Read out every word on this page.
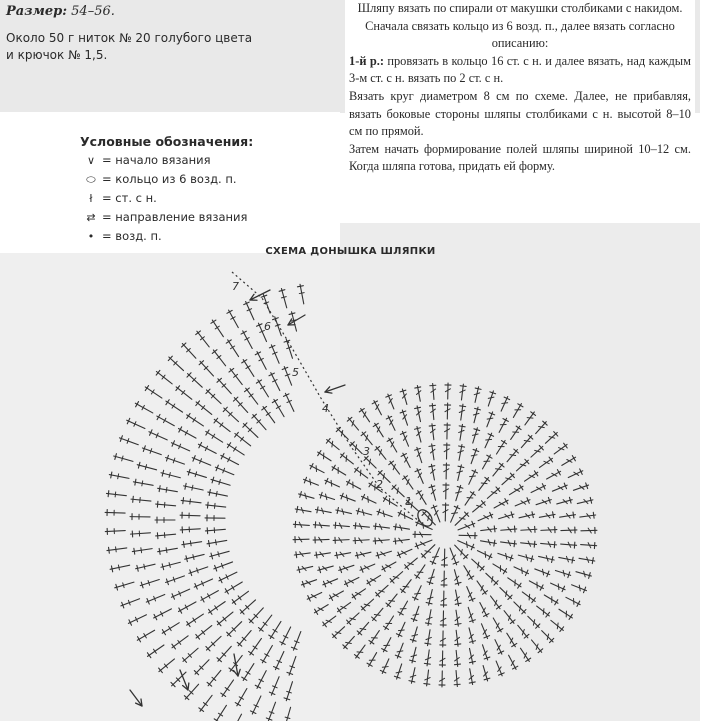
Размер: 54–56.
Около 50 г ниток № 20 голубого цвета
и крючок № 1,5.

Шляпу вязать по спирали от макушки столбиками с накидом. Сначала связать кольцо из 6 возд. п., далее вязать согласно описанию:

1-й р.: провязать в кольцо 16 ст. с н. и далее вязать, над каждым 3-м ст. с н. вязать по 2 ст. с н.

Вязать круг диаметром 8 см по схеме. Далее, не прибавляя, вязать боковые стороны шляпы столбиками с н. высотой 8–10 см по прямой.

Затем начать формирование полей шляпы шириной 10–12 см. Когда шляпа готова, придать ей форму.

Условные обозначения:
∨ = начало вязания
⬭ = кольцо из 6 возд. п.
ł = ст. с н.
⇄ = направление вязания
• = возд. п.
СХЕМА ДОНЫШКА ШЛЯПКИ
1
2
3
4
5
6
7
